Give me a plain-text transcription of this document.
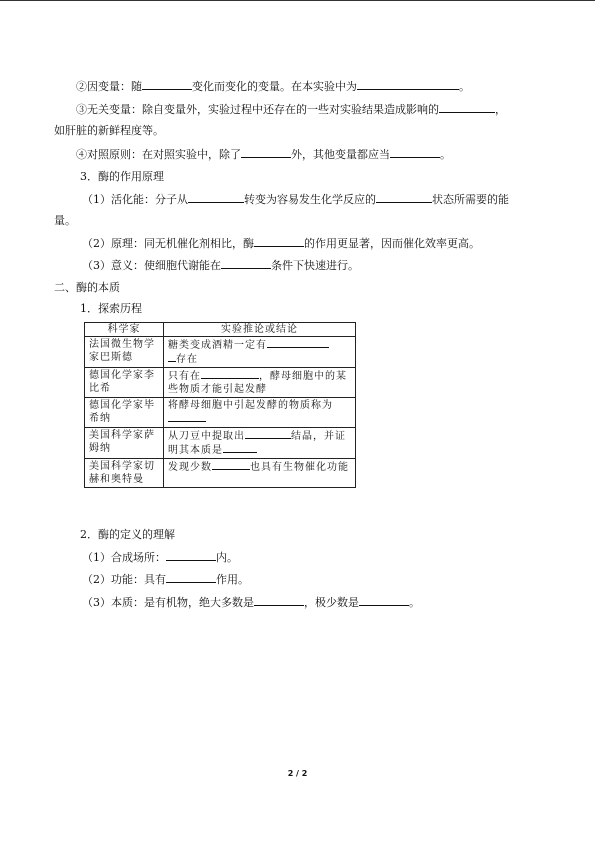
②因变量：随	变化而变化的变量。在本实验中为	。
③无关变量：除自变量外，实验过程中还存在的一些对实验结果造成影响的	，
如肝脏的新鲜程度等。
④对照原则：在对照实验中，除了	外，其他变量都应当	。
3．酶的作用原理
（1）活化能：分子从	转变为容易发生化学反应的	状态所需要的能
量。
（2）原理：同无机催化剂相比，酶	的作用更显著，因而催化效率更高。
（3）意义：使细胞代谢能在	条件下快速进行。
二、酶的本质
1．探索历程
科学家	实验推论或结论
法国微生物学家巴斯德	糖类变成酒精一定有
存在
德国化学家李比希	只有在 ，酵母细胞中的某些物质才能引起发酵
德国化学家毕希纳	将酵母细胞中引起发酵的物质称为
美国科学家萨姆纳	从刀豆中提取出 结晶，并证明其本质是
美国科学家切赫和奥特曼	发现少数 也具有生物催化功能
2．酶的定义的理解
（1）合成场所：	内。
（2）功能：具有	作用。
（3）本质：是有机物，绝大多数是	，极少数是	。
2 / 2
